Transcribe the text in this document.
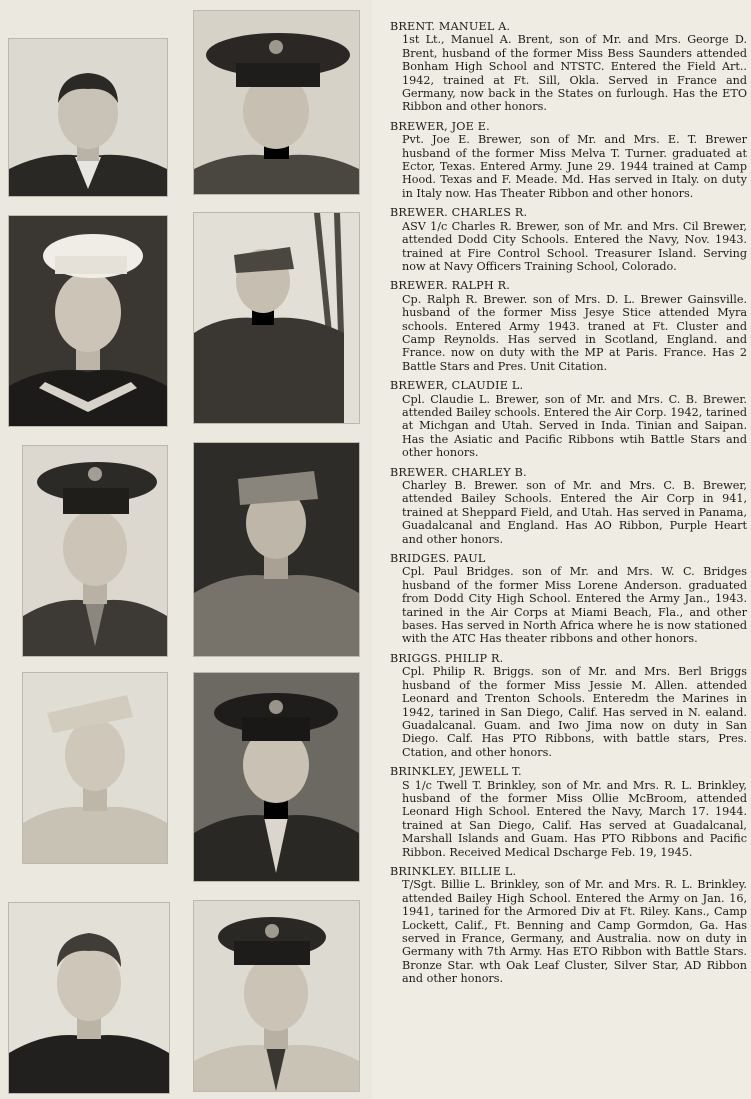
BRENT. MANUEL A.

1st Lt., Manuel A. Brent, son of Mr. and Mrs. George D. Brent, husband of the former Miss Bess Saunders attended Bonham High School and NTSTC. Entered the Field Art.. 1942, trained at Ft. Sill, Okla. Served in France and Germany, now back in the States on furlough. Has the ETO Ribbon and other honors.

BREWER, JOE E.

Pvt. Joe E. Brewer, son of Mr. and Mrs. E. T. Brewer husband of the former Miss Melva T. Turner. graduated at Ector, Texas. Entered Army. June 29. 1944 trained at Camp Hood. Texas and F. Meade. Md. Has served in Italy. on duty in Italy now. Has Theater Ribbon and other honors.

BREWER. CHARLES R.

ASV 1/c Charles R. Brewer, son of Mr. and Mrs. Cil Brewer, attended Dodd City Schools. Entered the Navy, Nov. 1943. trained at Fire Control School. Treasurer Island. Serving now at Navy Officers Training School, Colorado.

BREWER. RALPH R.

Cp. Ralph R. Brewer. son of Mrs. D. L. Brewer Gainsville. husband of the former Miss Jesye Stice attended Myra schools. Entered Army 1943. traned at Ft. Cluster and Camp Reynolds. Has served in Scotland, England. and France. now on duty with the MP at Paris. France. Has 2 Battle Stars and Pres. Unit Citation.

BREWER, CLAUDIE L.

Cpl. Claudie L. Brewer, son of Mr. and Mrs. C. B. Brewer. attended Bailey schools. Entered the Air Corp. 1942, tarined at Michgan and Utah. Served in Inda. Tinian and Saipan. Has the Asiatic and Pacific Ribbons wtih Battle Stars and other honors.

BREWER. CHARLEY B.

Charley B. Brewer. son of Mr. and Mrs. C. B. Brewer, attended Bailey Schools. Entered the Air Corp in 941, trained at Sheppard Field, and Utah. Has served in Panama, Guadalcanal and England. Has AO Ribbon, Purple Heart and other honors.

BRIDGES. PAUL

Cpl. Paul Bridges. son of Mr. and Mrs. W. C. Bridges husband of the former Miss Lorene Anderson. graduated from Dodd City High School. Entered the Army Jan., 1943. tarined in the Air Corps at Miami Beach, Fla., and other bases. Has served in North Africa where he is now stationed with the ATC Has theater ribbons and other honors.

BRIGGS. PHILIP R.

Cpl. Philip R. Briggs. son of Mr. and Mrs. Berl Briggs husband of the former Miss Jessie M. Allen. attended Leonard and Trenton Schools. Enteredm the Marines in 1942, tarined in San Diego, Calif. Has served in N. ealand. Guadalcanal. Guam. and Iwo Jima now on duty in San Diego. Calf. Has PTO Ribbons, with battle stars, Pres. Ctation, and other honors.

BRINKLEY, JEWELL T.

S 1/c Twell T. Brinkley, son of Mr. and Mrs. R. L. Brinkley, husband of the former Miss Ollie McBroom, attended Leonard High School. Entered the Navy, March 17. 1944. trained at San Diego, Calif. Has served at Guadalcanal, Marshall Islands and Guam. Has PTO Ribbons and Pacific Ribbon. Received Medical Dscharge Feb. 19, 1945.

BRINKLEY. BILLIE L.

T/Sgt. Billie L. Brinkley, son of Mr. and Mrs. R. L. Brinkley. attended Bailey High School. Entered the Army on Jan. 16, 1941, tarined for the Armored Div at Ft. Riley. Kans., Camp Lockett, Calif., Ft. Benning and Camp Gormdon, Ga. Has served in France, Germany, and Australia. now on duty in Germany with 7th Army. Has ETO Ribbon with Battle Stars. Bronze Star. wth Oak Leaf Cluster, Silver Star, AD Ribbon and other honors.
